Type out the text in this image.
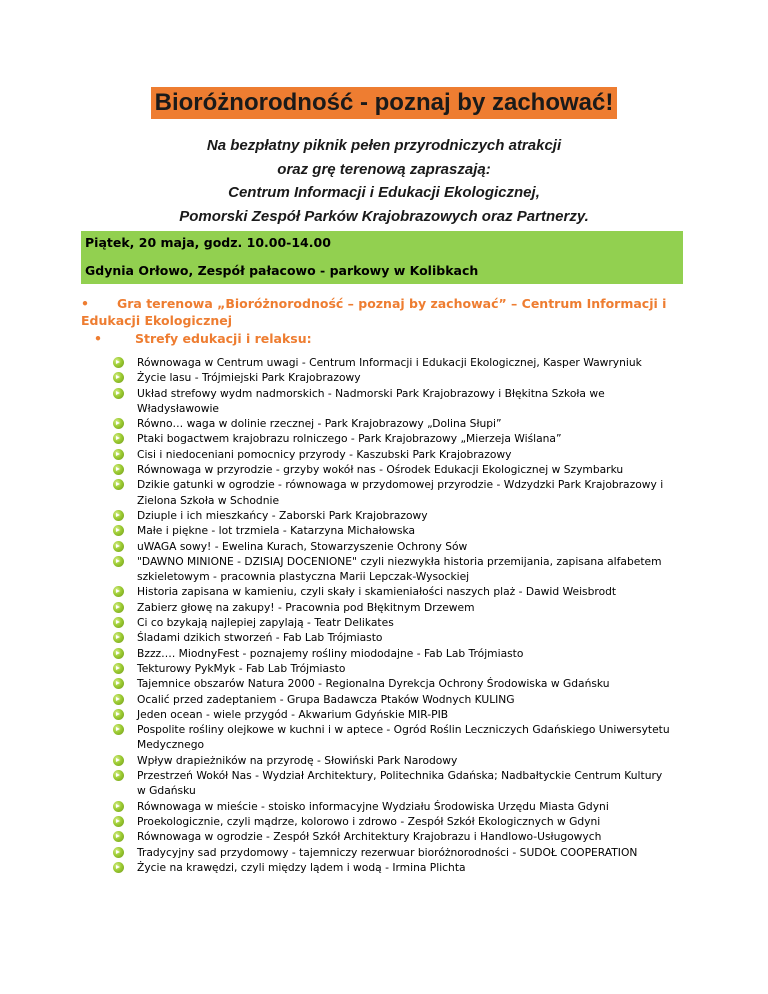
Bioróżnorodność - poznaj by zachować!
Na bezpłatny piknik pełen przyrodniczych atrakcji
oraz grę terenową zapraszają:
Centrum Informacji i Edukacji Ekologicznej,
Pomorski Zespół Parków Krajobrazowych oraz Partnerzy.
Piątek, 20 maja, godz. 10.00-14.00
Gdynia Orłowo, Zespół pałacowo - parkowy w Kolibkach
• Gra terenowa „Bioróżnorodność – poznaj by zachować” – Centrum Informacji i Edukacji Ekologicznej
•	Strefy edukacji i relaksu:
Równowaga w Centrum uwagi - Centrum Informacji i Edukacji Ekologicznej, Kasper Wawryniuk
Życie lasu - Trójmiejski Park Krajobrazowy
Układ strefowy wydm nadmorskich - Nadmorski Park Krajobrazowy i Błękitna Szkoła we Władysławowie
Równo… waga w dolinie rzecznej - Park Krajobrazowy „Dolina Słupi”
Ptaki bogactwem krajobrazu rolniczego - Park Krajobrazowy „Mierzeja Wiślana”
Cisi i niedoceniani pomocnicy przyrody - Kaszubski Park Krajobrazowy
Równowaga w przyrodzie - grzyby wokół nas - Ośrodek Edukacji Ekologicznej w Szymbarku
Dzikie gatunki w ogrodzie - równowaga w przydomowej przyrodzie - Wdzydzki Park Krajobrazowy i Zielona Szkoła w Schodnie
Dziuple i ich mieszkańcy - Zaborski Park Krajobrazowy
Małe i piękne - lot trzmiela - Katarzyna Michałowska
uWAGA sowy! - Ewelina Kurach, Stowarzyszenie Ochrony Sów
"DAWNO MINIONE - DZISIAJ DOCENIONE" czyli niezwykła historia przemijania, zapisana alfabetem szkieletowym - pracownia plastyczna Marii Lepczak-Wysockiej
Historia zapisana w kamieniu, czyli skały i skamieniałości naszych plaż - Dawid Weisbrodt
Zabierz głowę na zakupy! - Pracownia pod Błękitnym Drzewem
Ci co bzykają najlepiej zapylają - Teatr Delikates
Śladami dzikich stworzeń - Fab Lab Trójmiasto
Bzzz…. MiodnyFest - poznajemy rośliny miododajne - Fab Lab Trójmiasto
Tekturowy PykMyk - Fab Lab Trójmiasto
Tajemnice obszarów Natura 2000 - Regionalna Dyrekcja Ochrony Środowiska w Gdańsku
Ocalić przed zadeptaniem - Grupa Badawcza Ptaków Wodnych KULING
Jeden ocean - wiele przygód - Akwarium Gdyńskie MIR-PIB
Pospolite rośliny olejkowe w kuchni i w aptece - Ogród Roślin Leczniczych Gdańskiego Uniwersytetu Medycznego
Wpływ drapieżników na przyrodę - Słowiński Park Narodowy
Przestrzeń Wokół Nas - Wydział Architektury, Politechnika Gdańska; Nadbałtyckie Centrum Kultury w Gdańsku
Równowaga w mieście - stoisko informacyjne Wydziału Środowiska Urzędu Miasta Gdyni
Proekologicznie, czyli mądrze, kolorowo i zdrowo - Zespół Szkół Ekologicznych w Gdyni
Równowaga w ogrodzie - Zespół Szkół Architektury Krajobrazu i Handlowo-Usługowych
Tradycyjny sad przydomowy - tajemniczy rezerwuar bioróżnorodności - SUDOŁ COOPERATION
Życie na krawędzi, czyli między lądem i wodą - Irmina Plichta
